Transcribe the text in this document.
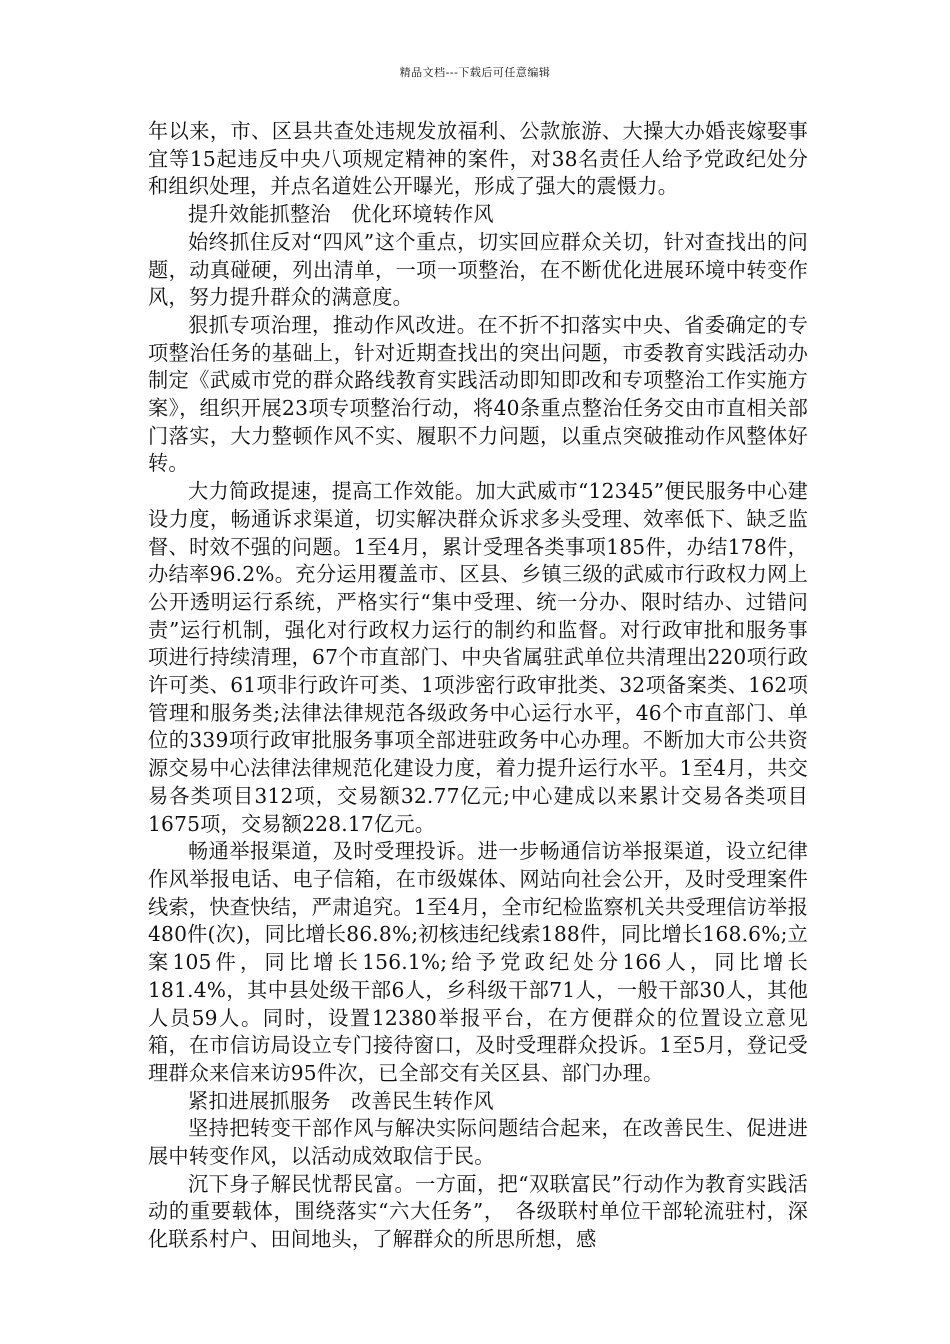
精品文档---下载后可任意编辑

年以来，市、区县共查处违规发放福利、公款旅游、大操大办婚丧嫁娶事宜等15起违反中央八项规定精神的案件，对38名责任人给予党政纪处分和组织处理，并点名道姓公开曝光，形成了强大的震慑力。

提升效能抓整治　优化环境转作风

始终抓住反对“四风”这个重点，切实回应群众关切，针对查找出的问题，动真碰硬，列出清单，一项一项整治，在不断优化进展环境中转变作风，努力提升群众的满意度。

狠抓专项治理，推动作风改进。在不折不扣落实中央、省委确定的专项整治任务的基础上，针对近期查找出的突出问题，市委教育实践活动办制定《武威市党的群众路线教育实践活动即知即改和专项整治工作实施方案》，组织开展23项专项整治行动，将40条重点整治任务交由市直相关部门落实，大力整顿作风不实、履职不力问题，以重点突破推动作风整体好转。

大力简政提速，提高工作效能。加大武威市“12345”便民服务中心建设力度，畅通诉求渠道，切实解决群众诉求多头受理、效率低下、缺乏监督、时效不强的问题。1至4月，累计受理各类事项185件，办结178件，办结率96.2%。充分运用覆盖市、区县、乡镇三级的武威市行政权力网上公开透明运行系统，严格实行“集中受理、统一分办、限时结办、过错问责”运行机制，强化对行政权力运行的制约和监督。对行政审批和服务事项进行持续清理，67个市直部门、中央省属驻武单位共清理出220项行政许可类、61项非行政许可类、1项涉密行政审批类、32项备案类、162项管理和服务类;法律法律规范各级政务中心运行水平，46个市直部门、单位的339项行政审批服务事项全部进驻政务中心办理。不断加大市公共资源交易中心法律法律规范化建设力度，着力提升运行水平。1至4月，共交易各类项目312项，交易额32.77亿元;中心建成以来累计交易各类项目1675项，交易额228.17亿元。

畅通举报渠道，及时受理投诉。进一步畅通信访举报渠道，设立纪律作风举报电话、电子信箱，在市级媒体、网站向社会公开，及时受理案件线索，快查快结，严肃追究。1至4月，全市纪检监察机关共受理信访举报480件(次)，同比增长86.8%;初核违纪线索188件，同比增长168.6%;立案105件，同比增长156.1%;给予党政纪处分166人，同比增长181.4%，其中县处级干部6人，乡科级干部71人，一般干部30人，其他人员59人。同时，设置12380举报平台，在方便群众的位置设立意见箱，在市信访局设立专门接待窗口，及时受理群众投诉。1至5月，登记受理群众来信来访95件次，已全部交有关区县、部门办理。

紧扣进展抓服务　改善民生转作风

坚持把转变干部作风与解决实际问题结合起来，在改善民生、促进进展中转变作风，以活动成效取信于民。

沉下身子解民忧帮民富。一方面，把“双联富民”行动作为教育实践活动的重要载体，围绕落实“六大任务”，　各级联村单位干部轮流驻村，深化联系村户、田间地头，了解群众的所思所想，感
